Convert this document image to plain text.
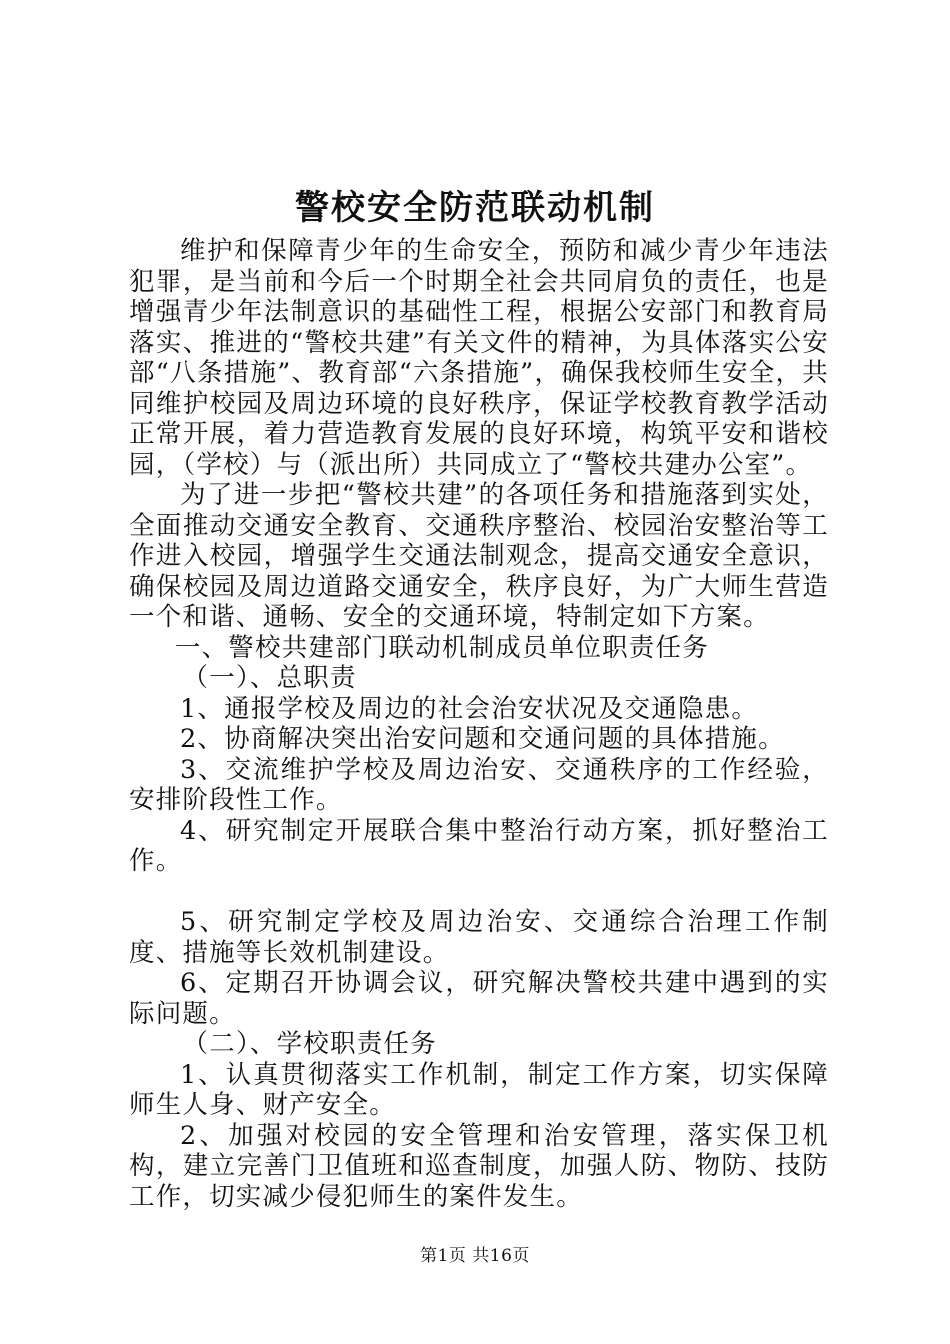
警校安全防范联动机制

维护和保障青少年的生命安全，预防和减少青少年违法犯罪，是当前和今后一个时期全社会共同肩负的责任，也是增强青少年法制意识的基础性工程，根据公安部门和教育局落实、推进的“警校共建”有关文件的精神，为具体落实公安部“八条措施”、教育部“六条措施”，确保我校师生安全，共同维护校园及周边环境的良好秩序，保证学校教育教学活动正常开展，着力营造教育发展的良好环境，构筑平安和谐校园，（学校）与（派出所）共同成立了“警校共建办公室”。

为了进一步把“警校共建”的各项任务和措施落到实处，全面推动交通安全教育、交通秩序整治、校园治安整治等工作进入校园，增强学生交通法制观念，提高交通安全意识，确保校园及周边道路交通安全，秩序良好，为广大师生营造一个和谐、通畅、安全的交通环境，特制定如下方案。

一、警校共建部门联动机制成员单位职责任务

（一）、总职责

1、通报学校及周边的社会治安状况及交通隐患。

2、协商解决突出治安问题和交通问题的具体措施。

3、交流维护学校及周边治安、交通秩序的工作经验，安排阶段性工作。

4、研究制定开展联合集中整治行动方案，抓好整治工作。

5、研究制定学校及周边治安、交通综合治理工作制度、措施等长效机制建设。

6、定期召开协调会议，研究解决警校共建中遇到的实际问题。

（二）、学校职责任务

1、认真贯彻落实工作机制，制定工作方案，切实保障师生人身、财产安全。

2、加强对校园的安全管理和治安管理，落实保卫机构，建立完善门卫值班和巡查制度，加强人防、物防、技防工作，切实减少侵犯师生的案件发生。

第1页 共16页
